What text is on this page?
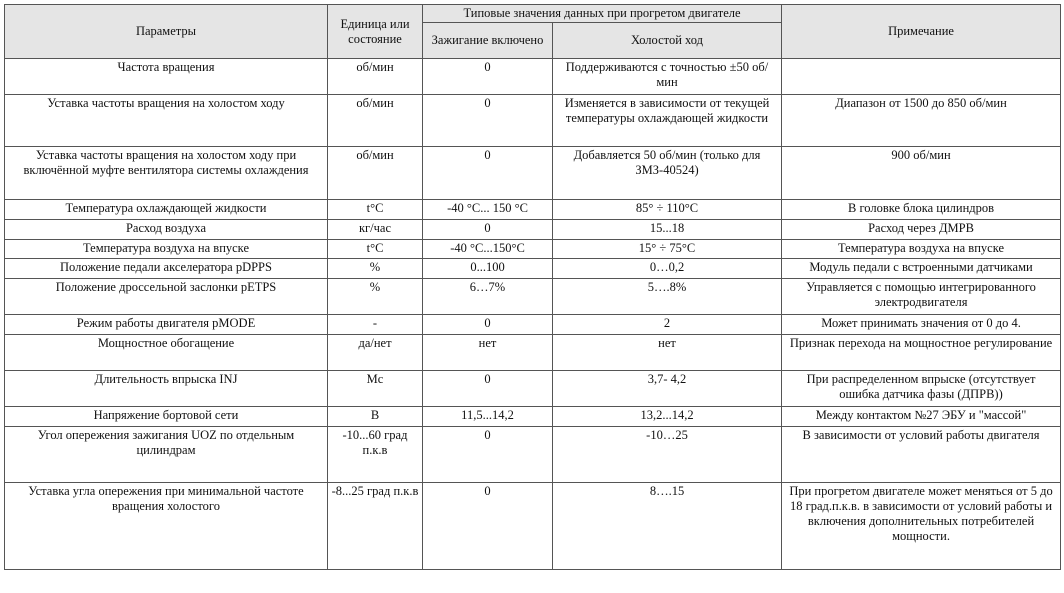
Параметры	Единица или состояние	Типовые значения данных при прогретом двигателе		Примечание
		Зажигание включено	Холостой ход	
Частота вращения	об/мин	0	Поддерживаются с точностью ±50 об/мин	
Уставка частоты вращения на холостом ходу	об/мин	0	Изменяется в зависимости от текущей температуры охлаждающей жидкости	Диапазон от 1500 до 850 об/мин
Уставка частоты вращения на холостом ходу при включённой муфте вентилятора системы охлаждения	об/мин	0	Добавляется 50 об/мин (только для ЗМЗ-40524)	900 об/мин
Температура охлаждающей жидкости	t°C	-40 °C... 150 °C	85° ÷ 110°C	В головке блока цилиндров
Расход воздуха	кг/час	0	15...18	Расход через ДМРВ
Температура воздуха на впуске	t°C	-40 °C...150°C	15° ÷ 75°C	Температура воздуха на впуске
Положение педали акселератора pDPPS	%	0...100	0…0,2	Модуль педали с встроенными датчиками
Положение дроссельной заслонки pETPS	%	6…7%	5….8%	Управляется с помощью интегрированного электродвигателя
Режим работы двигателя pMODE	-	0	2	Может принимать значения от 0 до 4.
Мощностное обогащение	да/нет	нет	нет	Признак перехода на мощностное регулирование
Длительность впрыска INJ	Мс	0	3,7- 4,2	При распределенном впрыске (отсутствует ошибка датчика фазы (ДПРВ))
Напряжение бортовой сети	В	11,5...14,2	13,2...14,2	Между контактом №27 ЭБУ и "массой"
Угол опережения зажигания UOZ по отдельным цилиндрам	-10...60 град п.к.в	0	-10…25	В зависимости от условий работы двигателя
Уставка угла опережения при минимальной частоте вращения холостого	-8...25 град п.к.в	0	8….15	При прогретом двигателе может меняться от 5 до 18 град.п.к.в. в зависимости от условий работы и включения дополнительных потребителей мощности.
